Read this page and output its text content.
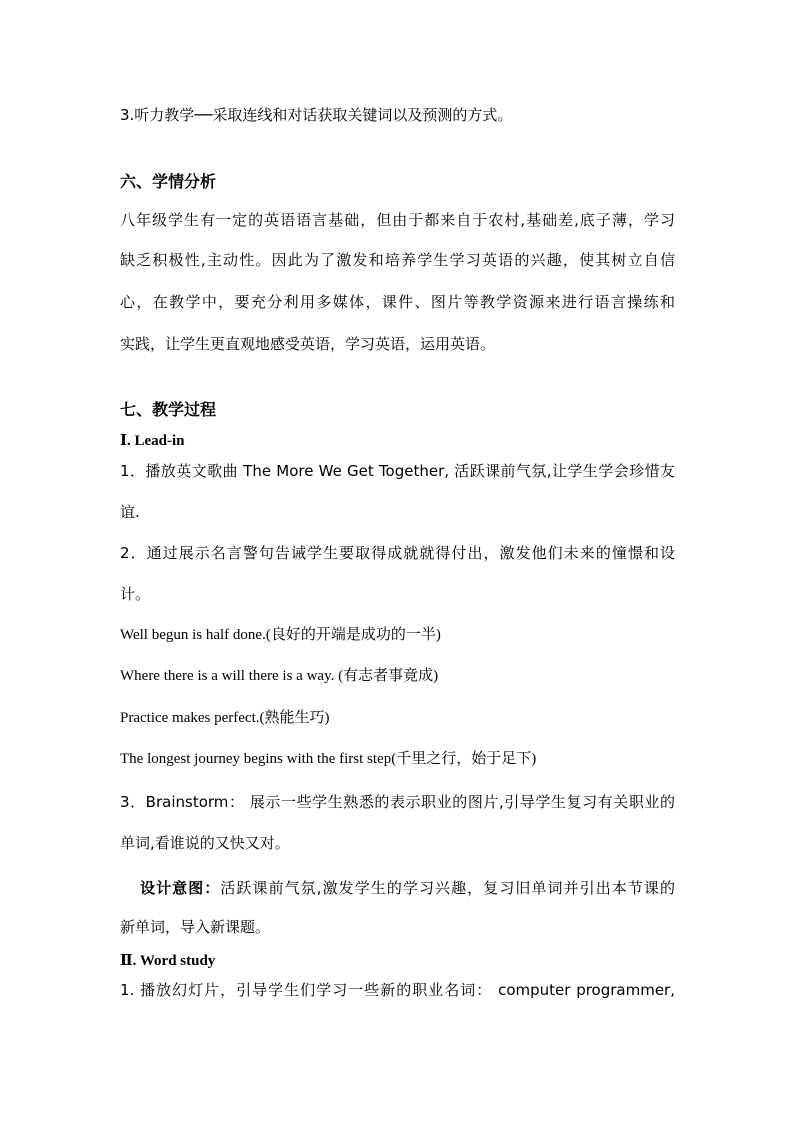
3.听力教学──采取连线和对话获取关键词以及预测的方式。
六、学情分析
八年级学生有一定的英语语言基础，但由于都来自于农村,基础差,底子薄，学习
缺乏积极性,主动性。因此为了激发和培养学生学习英语的兴趣，使其树立自信
心，在教学中，要充分利用多媒体，课件、图片等教学资源来进行语言操练和
实践，让学生更直观地感受英语，学习英语，运用英语。
七、教学过程
Ⅰ. Lead-in
1．播放英文歌曲 The More We Get Together, 活跃课前气氛,让学生学会珍惜友
谊.
2．通过展示名言警句告诫学生要取得成就就得付出，激发他们未来的憧憬和设
计。
Well begun is half done.(良好的开端是成功的一半)
Where there is a will there is a way. (有志者事竟成)
Practice makes perfect.(熟能生巧)
The longest journey begins with the first step(千里之行，始于足下)
3．Brainstorm： 展示一些学生熟悉的表示职业的图片,引导学生复习有关职业的
单词,看谁说的又快又对。
设计意图：活跃课前气氛,激发学生的学习兴趣，复习旧单词并引出本节课的
新单词，导入新课题。
Ⅱ. Word study
1. 播放幻灯片，引导学生们学习一些新的职业名词： computer programmer,
